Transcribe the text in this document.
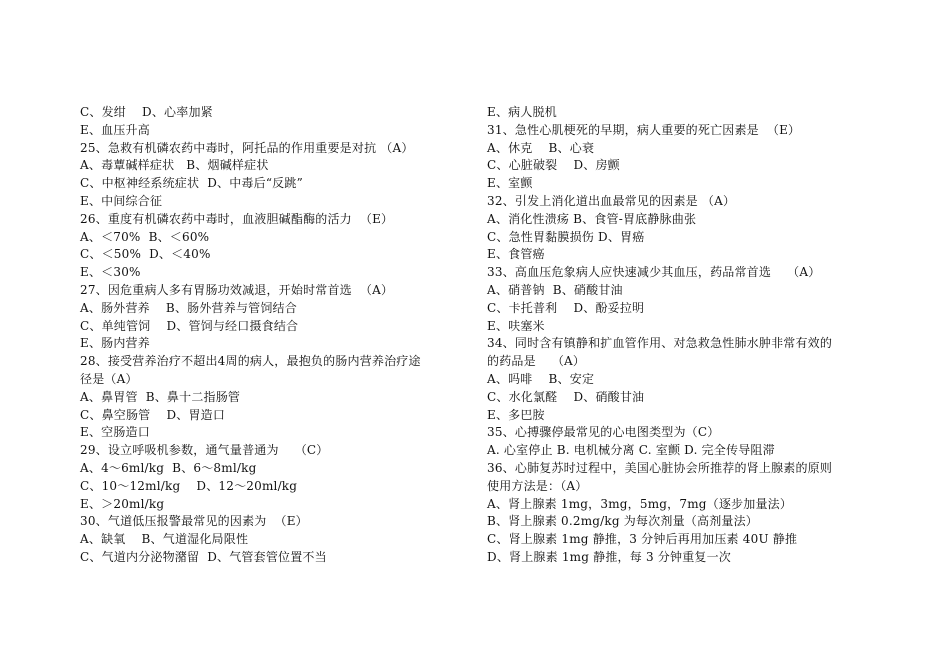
C、发绀    D、心率加紧
E、血压升高
25、急救有机磷农药中毒时，阿托品的作用重要是对抗 （A）
A、毒蕈碱样症状   B、烟碱样症状
C、中枢神经系统症状  D、中毒后“反跳”
E、中间综合征
26、重度有机磷农药中毒时，血液胆碱酯酶的活力  （E）
A、＜70%  B、＜60%
C、＜50%  D、＜40%
E、＜30%
27、因危重病人多有胃肠功效减退，开始时常首选  （A）
A、肠外营养    B、肠外营养与管饲结合
C、单纯管饲    D、管饲与经口摄食结合
E、肠内营养
28、接受营养治疗不超出4周的病人，最抱负的肠内营养治疗途
径是（A）
A、鼻胃管  B、鼻十二指肠管
C、鼻空肠管    D、胃造口
E、空肠造口
29、设立呼吸机参数，通气量普通为    （C）
A、4～6ml/kg  B、6～8ml/kg
C、10～12ml/kg    D、12～20ml/kg
E、＞20ml/kg
30、气道低压报警最常见的因素为  （E）
A、缺氧    B、气道湿化局限性
C、气道内分泌物潴留  D、气管套管位置不当
E、病人脱机
31、急性心肌梗死的早期，病人重要的死亡因素是  （E）
A、休克    B、心衰
C、心脏破裂    D、房颤
E、室颤
32、引发上消化道出血最常见的因素是 （A）
A、消化性溃疡 B、食管-胃底静脉曲张
C、急性胃黏膜损伤 D、胃癌
E、食管癌
33、高血压危象病人应快速减少其血压，药品常首选    （A）
A、硝普钠  B、硝酸甘油
C、卡托普利    D、酚妥拉明
E、呋塞米
34、同时含有镇静和扩血管作用、对急救急性肺水肿非常有效的
的药品是    （A）
A、吗啡    B、安定
C、水化氯醛    D、硝酸甘油
E、多巴胺
35、心搏骤停最常见的心电图类型为（C）
A. 心室停止 B. 电机械分离 C. 室颤 D. 完全传导阻滞
36、心肺复苏时过程中，美国心脏协会所推荐的肾上腺素的原则
使用方法是：（A）
A、肾上腺素 1mg，3mg，5mg，7mg（逐步加量法）
B、肾上腺素 0.2mg/kg 为每次剂量（高剂量法）
C、肾上腺素 1mg 静推，3 分钟后再用加压素 40U 静推
D、肾上腺素 1mg 静推，每 3 分钟重复一次
